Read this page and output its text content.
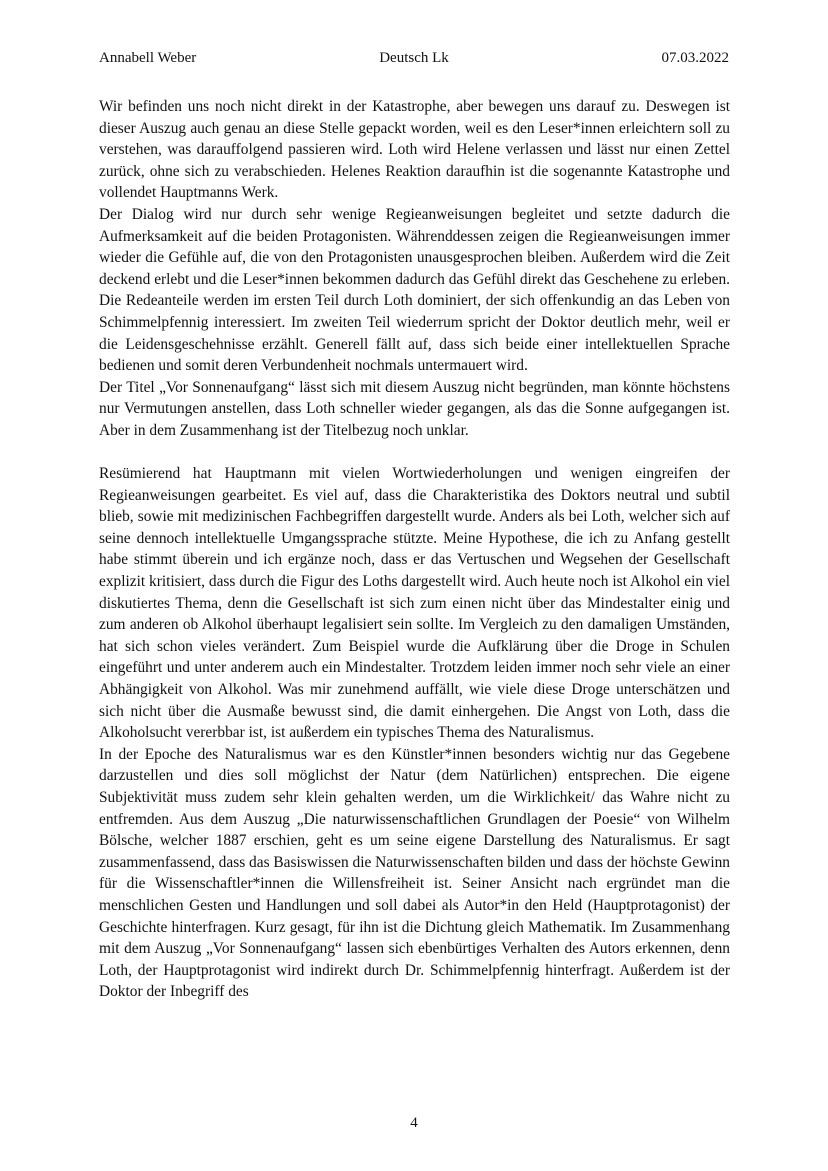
Annabell Weber	Deutsch Lk	07.03.2022

Wir befinden uns noch nicht direkt in der Katastrophe, aber bewegen uns darauf zu. Deswegen ist dieser Auszug auch genau an diese Stelle gepackt worden, weil es den Leser*innen erleichtern soll zu verstehen, was darauffolgend passieren wird. Loth wird Helene verlassen und lässt nur einen Zettel zurück, ohne sich zu verabschieden. Helenes Reaktion daraufhin ist die sogenannte Katastrophe und vollendet Hauptmanns Werk.

Der Dialog wird nur durch sehr wenige Regieanweisungen begleitet und setzte dadurch die Aufmerksamkeit auf die beiden Protagonisten. Währenddessen zeigen die Regieanweisungen immer wieder die Gefühle auf, die von den Protagonisten unausgesprochen bleiben. Außerdem wird die Zeit deckend erlebt und die Leser*innen bekommen dadurch das Gefühl direkt das Geschehene zu erleben. Die Redeanteile werden im ersten Teil durch Loth dominiert, der sich offenkundig an das Leben von Schimmelpfennig interessiert. Im zweiten Teil wiederrum spricht der Doktor deutlich mehr, weil er die Leidensgeschehnisse erzählt. Generell fällt auf, dass sich beide einer intellektuellen Sprache bedienen und somit deren Verbundenheit nochmals untermauert wird.

Der Titel „Vor Sonnenaufgang“ lässt sich mit diesem Auszug nicht begründen, man könnte höchstens nur Vermutungen anstellen, dass Loth schneller wieder gegangen, als das die Sonne aufgegangen ist. Aber in dem Zusammenhang ist der Titelbezug noch unklar.

Resümierend hat Hauptmann mit vielen Wortwiederholungen und wenigen eingreifen der Regieanweisungen gearbeitet. Es viel auf, dass die Charakteristika des Doktors neutral und subtil blieb, sowie mit medizinischen Fachbegriffen dargestellt wurde. Anders als bei Loth, welcher sich auf seine dennoch intellektuelle Umgangssprache stützte. Meine Hypothese, die ich zu Anfang gestellt habe stimmt überein und ich ergänze noch, dass er das Vertuschen und Wegsehen der Gesellschaft explizit kritisiert, dass durch die Figur des Loths dargestellt wird. Auch heute noch ist Alkohol ein viel diskutiertes Thema, denn die Gesellschaft ist sich zum einen nicht über das Mindestalter einig und zum anderen ob Alkohol überhaupt legalisiert sein sollte. Im Vergleich zu den damaligen Umständen, hat sich schon vieles verändert. Zum Beispiel wurde die Aufklärung über die Droge in Schulen eingeführt und unter anderem auch ein Mindestalter. Trotzdem leiden immer noch sehr viele an einer Abhängigkeit von Alkohol. Was mir zunehmend auffällt, wie viele diese Droge unterschätzen und sich nicht über die Ausmaße bewusst sind, die damit einhergehen. Die Angst von Loth, dass die Alkoholsucht vererbbar ist, ist außerdem ein typisches Thema des Naturalismus.

In der Epoche des Naturalismus war es den Künstler*innen besonders wichtig nur das Gegebene darzustellen und dies soll möglichst der Natur (dem Natürlichen) entsprechen. Die eigene Subjektivität muss zudem sehr klein gehalten werden, um die Wirklichkeit/ das Wahre nicht zu entfremden. Aus dem Auszug „Die naturwissenschaftlichen Grundlagen der Poesie“ von Wilhelm Bölsche, welcher 1887 erschien, geht es um seine eigene Darstellung des Naturalismus. Er sagt zusammenfassend, dass das Basiswissen die Naturwissenschaften bilden und dass der höchste Gewinn für die Wissenschaftler*innen die Willensfreiheit ist. Seiner Ansicht nach ergründet man die menschlichen Gesten und Handlungen und soll dabei als Autor*in den Held (Hauptprotagonist) der Geschichte hinterfragen. Kurz gesagt, für ihn ist die Dichtung gleich Mathematik. Im Zusammenhang mit dem Auszug „Vor Sonnenaufgang“ lassen sich ebenbürtiges Verhalten des Autors erkennen, denn Loth, der Hauptprotagonist wird indirekt durch Dr. Schimmelpfennig hinterfragt. Außerdem ist der Doktor der Inbegriff des

4
